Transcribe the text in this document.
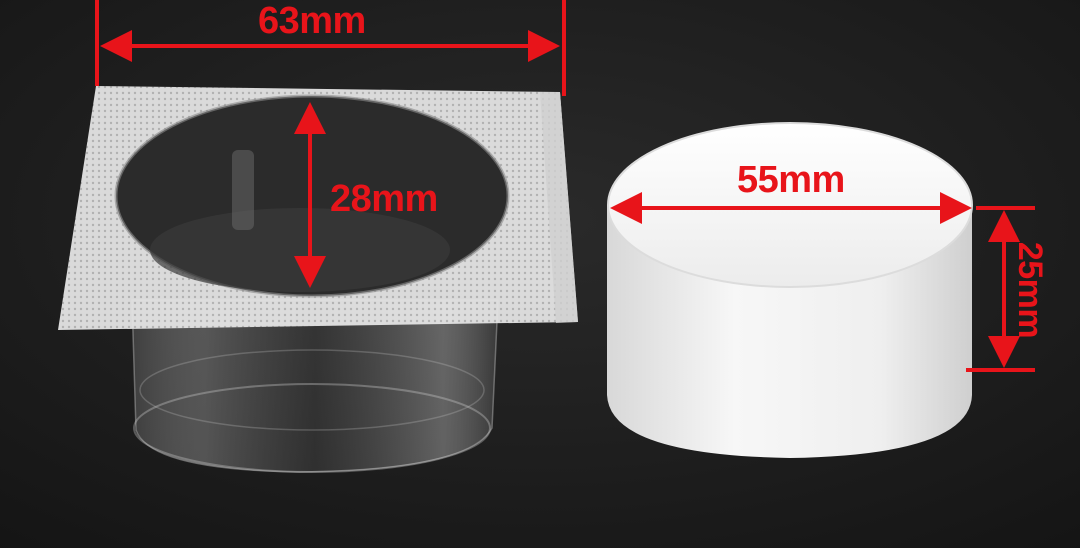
63mm
28mm	55mm
25mm
